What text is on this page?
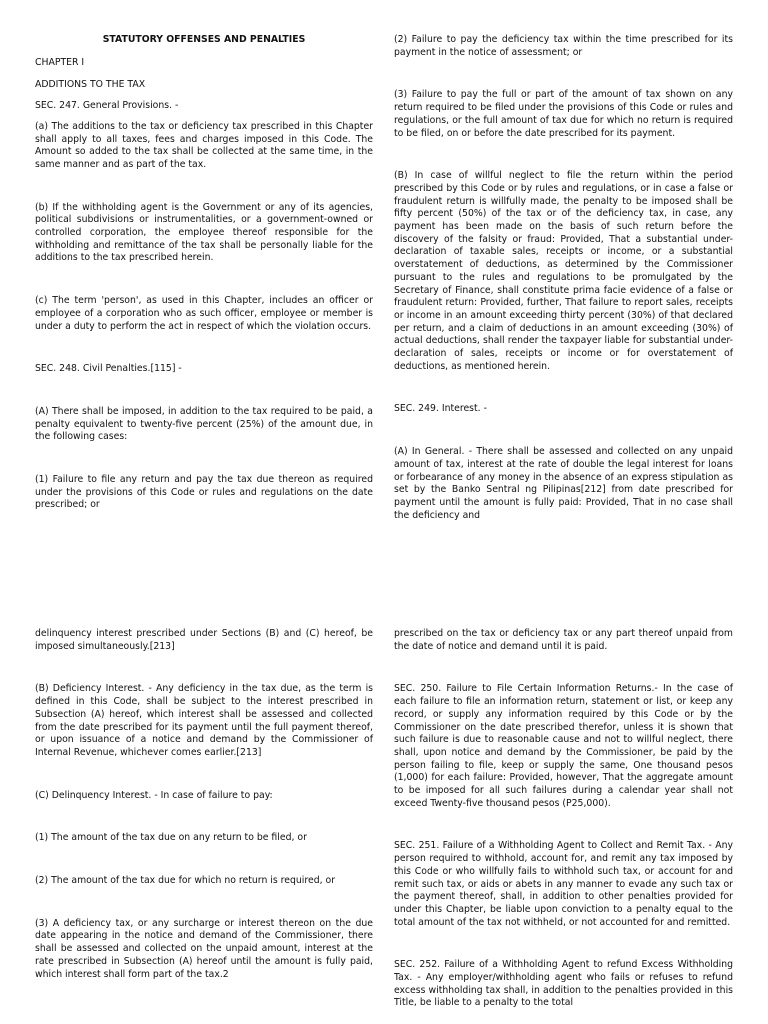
STATUTORY OFFENSES AND PENALTIES

CHAPTER I

ADDITIONS TO THE TAX

SEC. 247. General Provisions. -

(a) The additions to the tax or deficiency tax prescribed in this Chapter shall apply to all taxes, fees and charges imposed in this Code. The Amount so added to the tax shall be collected at the same time, in the same manner and as part of the tax.

(b) If the withholding agent is the Government or any of its agencies, political subdivisions or instrumentalities, or a government-owned or controlled corporation, the employee thereof responsible for the withholding and remittance of the tax shall be personally liable for the additions to the tax prescribed herein.

(c) The term 'person', as used in this Chapter, includes an officer or employee of a corporation who as such officer, employee or member is under a duty to perform the act in respect of which the violation occurs.

SEC. 248. Civil Penalties.[115] -

(A) There shall be imposed, in addition to the tax required to be paid, a penalty equivalent to twenty-five percent (25%) of the amount due, in the following cases:

(1) Failure to file any return and pay the tax due thereon as required under the provisions of this Code or rules and regulations on the date prescribed; or

(2) Failure to pay the deficiency tax within the time prescribed for its payment in the notice of assessment; or

(3) Failure to pay the full or part of the amount of tax shown on any return required to be filed under the provisions of this Code or rules and regulations, or the full amount of tax due for which no return is required to be filed, on or before the date prescribed for its payment.

(B) In case of willful neglect to file the return within the period prescribed by this Code or by rules and regulations, or in case a false or fraudulent return is willfully made, the penalty to be imposed shall be fifty percent (50%) of the tax or of the deficiency tax, in case, any payment has been made on the basis of such return before the discovery of the falsity or fraud: Provided, That a substantial under-declaration of taxable sales, receipts or income, or a substantial overstatement of deductions, as determined by the Commissioner pursuant to the rules and regulations to be promulgated by the Secretary of Finance, shall constitute prima facie evidence of a false or fraudulent return: Provided, further, That failure to report sales, receipts or income in an amount exceeding thirty percent (30%) of that declared per return, and a claim of deductions in an amount exceeding (30%) of actual deductions, shall render the taxpayer liable for substantial under-declaration of sales, receipts or income or for overstatement of deductions, as mentioned herein.

SEC. 249. Interest. -

(A) In General. - There shall be assessed and collected on any unpaid amount of tax, interest at the rate of double the legal interest for loans or forbearance of any money in the absence of an express stipulation as set by the Banko Sentral ng Pilipinas[212] from date prescribed for payment until the amount is fully paid: Provided, That in no case shall the deficiency and

delinquency interest prescribed under Sections (B) and (C) hereof, be imposed simultaneously.[213]

(B) Deficiency Interest. - Any deficiency in the tax due, as the term is defined in this Code, shall be subject to the interest prescribed in Subsection (A) hereof, which interest shall be assessed and collected from the date prescribed for its payment until the full payment thereof, or upon issuance of a notice and demand by the Commissioner of Internal Revenue, whichever comes earlier.[213]

(C) Delinquency Interest. - In case of failure to pay:

(1) The amount of the tax due on any return to be filed, or

(2) The amount of the tax due for which no return is required, or

(3) A deficiency tax, or any surcharge or interest thereon on the due date appearing in the notice and demand of the Commissioner, there shall be assessed and collected on the unpaid amount, interest at the rate prescribed in Subsection (A) hereof until the amount is fully paid, which interest shall form part of the tax.2

prescribed on the tax or deficiency tax or any part thereof unpaid from the date of notice and demand until it is paid.

SEC. 250. Failure to File Certain Information Returns.- In the case of each failure to file an information return, statement or list, or keep any record, or supply any information required by this Code or by the Commissioner on the date prescribed therefor, unless it is shown that such failure is due to reasonable cause and not to willful neglect, there shall, upon notice and demand by the Commissioner, be paid by the person failing to file, keep or supply the same, One thousand pesos (1,000) for each failure: Provided, however, That the aggregate amount to be imposed for all such failures during a calendar year shall not exceed Twenty-five thousand pesos (P25,000).

SEC. 251. Failure of a Withholding Agent to Collect and Remit Tax. - Any person required to withhold, account for, and remit any tax imposed by this Code or who willfully fails to withhold such tax, or account for and remit such tax, or aids or abets in any manner to evade any such tax or the payment thereof, shall, in addition to other penalties provided for under this Chapter, be liable upon conviction to a penalty equal to the total amount of the tax not withheld, or not accounted for and remitted.

SEC. 252. Failure of a Withholding Agent to refund Excess Withholding Tax. - Any employer/withholding agent who fails or refuses to refund excess withholding tax shall, in addition to the penalties provided in this Title, be liable to a penalty to the total
